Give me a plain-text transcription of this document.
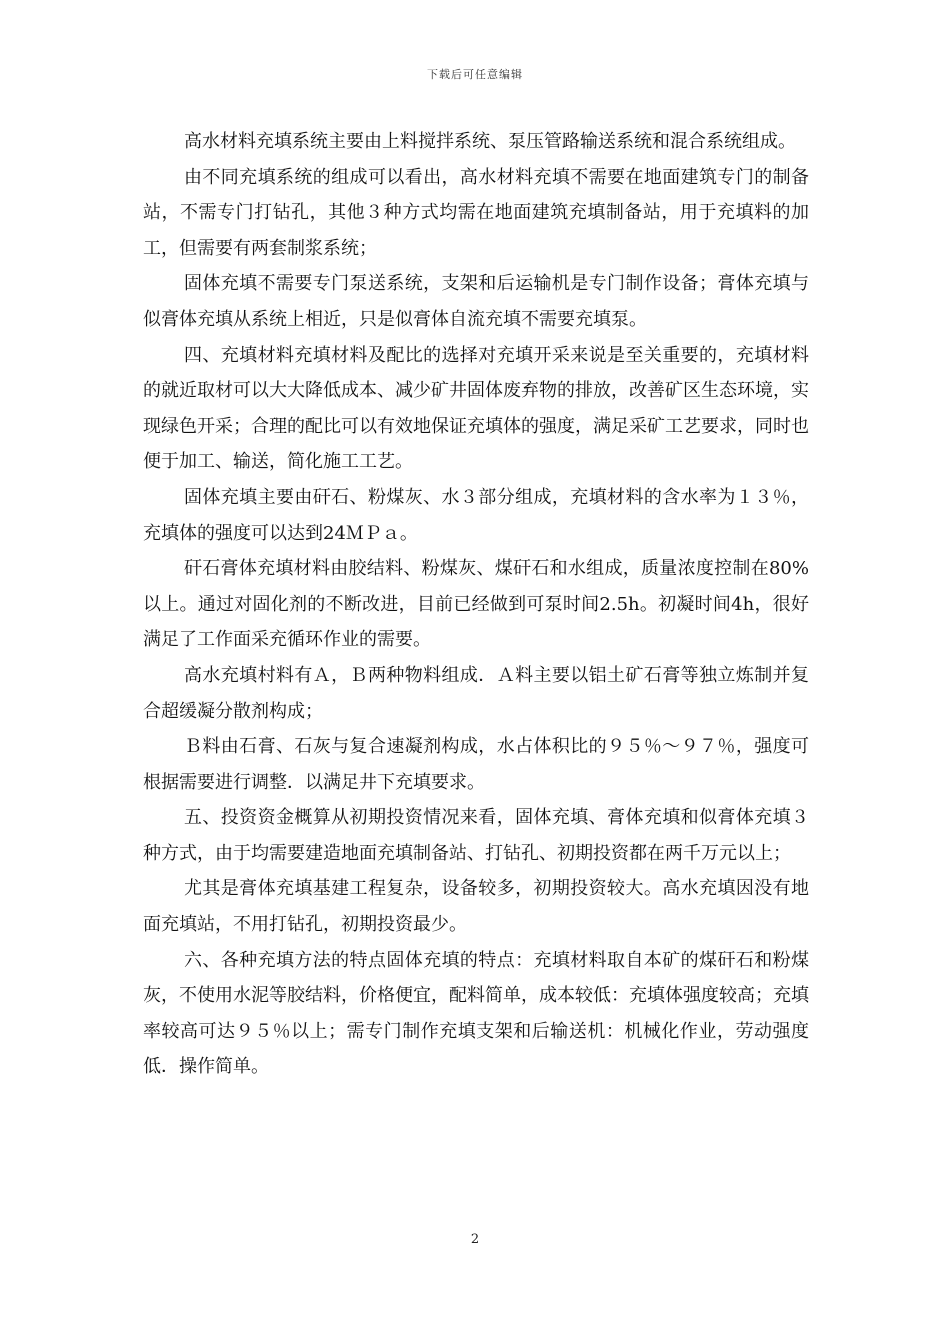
下载后可任意编辑

高水材料充填系统主要由上料搅拌系统、泵压管路输送系统和混合系统组成。

由不同充填系统的组成可以看出，高水材料充填不需要在地面建筑专门的制备站，不需专门打钻孔，其他３种方式均需在地面建筑充填制备站，用于充填料的加工，但需要有两套制浆系统；

固体充填不需要专门泵送系统，支架和后运输机是专门制作设备；膏体充填与似膏体充填从系统上相近，只是似膏体自流充填不需要充填泵。

四、充填材料充填材料及配比的选择对充填开采来说是至关重要的，充填材料的就近取材可以大大降低成本、减少矿井固体废弃物的排放，改善矿区生态环境，实现绿色开采；合理的配比可以有效地保证充填体的强度，满足采矿工艺要求，同时也便于加工、输送，简化施工工艺。

固体充填主要由矸石、粉煤灰、水３部分组成，充填材料的含水率为１３％，充填体的强度可以达到24ＭＰａ。

矸石膏体充填材料由胶结料、粉煤灰、煤矸石和水组成，质量浓度控制在80%以上。通过对固化剂的不断改进，目前已经做到可泵时间2.5h。初凝时间4h，很好满足了工作面采充循环作业的需要。

高水充填村料有Ａ，Ｂ两种物料组成．Ａ料主要以铝土矿石膏等独立炼制并复合超缓凝分散剂构成；

Ｂ料由石膏、石灰与复合速凝剂构成，水占体积比的９５％～９７％，强度可根据需要进行调整．以满足井下充填要求。

五、投资资金概算从初期投资情况来看，固体充填、膏体充填和似膏体充填３种方式，由于均需要建造地面充填制备站、打钻孔、初期投资都在两千万元以上；

尤其是膏体充填基建工程复杂，设备较多，初期投资较大。高水充填因没有地面充填站，不用打钻孔，初期投资最少。

六、各种充填方法的特点固体充填的特点：充填材料取自本矿的煤矸石和粉煤灰，不使用水泥等胶结料，价格便宜，配料简单，成本较低：充填体强度较高；充填率较高可达９５％以上；需专门制作充填支架和后输送机：机械化作业，劳动强度低．操作简单。

2
